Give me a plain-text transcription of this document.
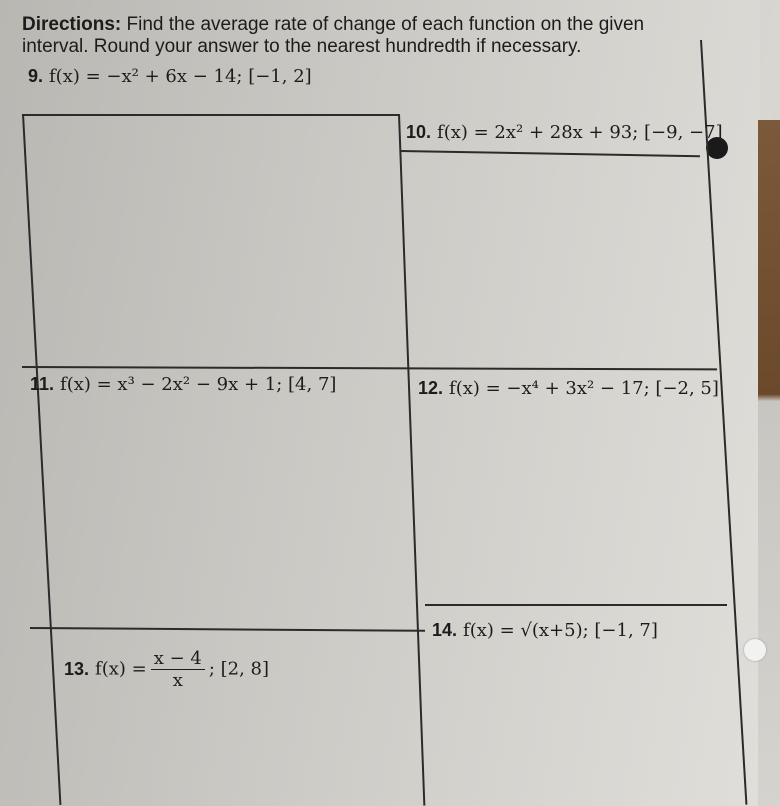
Directions: Find the average rate of change of each function on the given interval. Round your answer to the nearest hundredth if necessary.
9. f(x) = −x² + 6x − 14; [−1, 2]
10. f(x) = 2x² + 28x + 93; [−9, −7]
11. f(x) = x³ − 2x² − 9x + 1; [4, 7]	12. f(x) = −x⁴ + 3x² − 17; [−2, 5]
13. $f(x) = \frac{x - 4}{x}$ ; [2, 8]
14. f(x) = √(x+5); [−1, 7]
